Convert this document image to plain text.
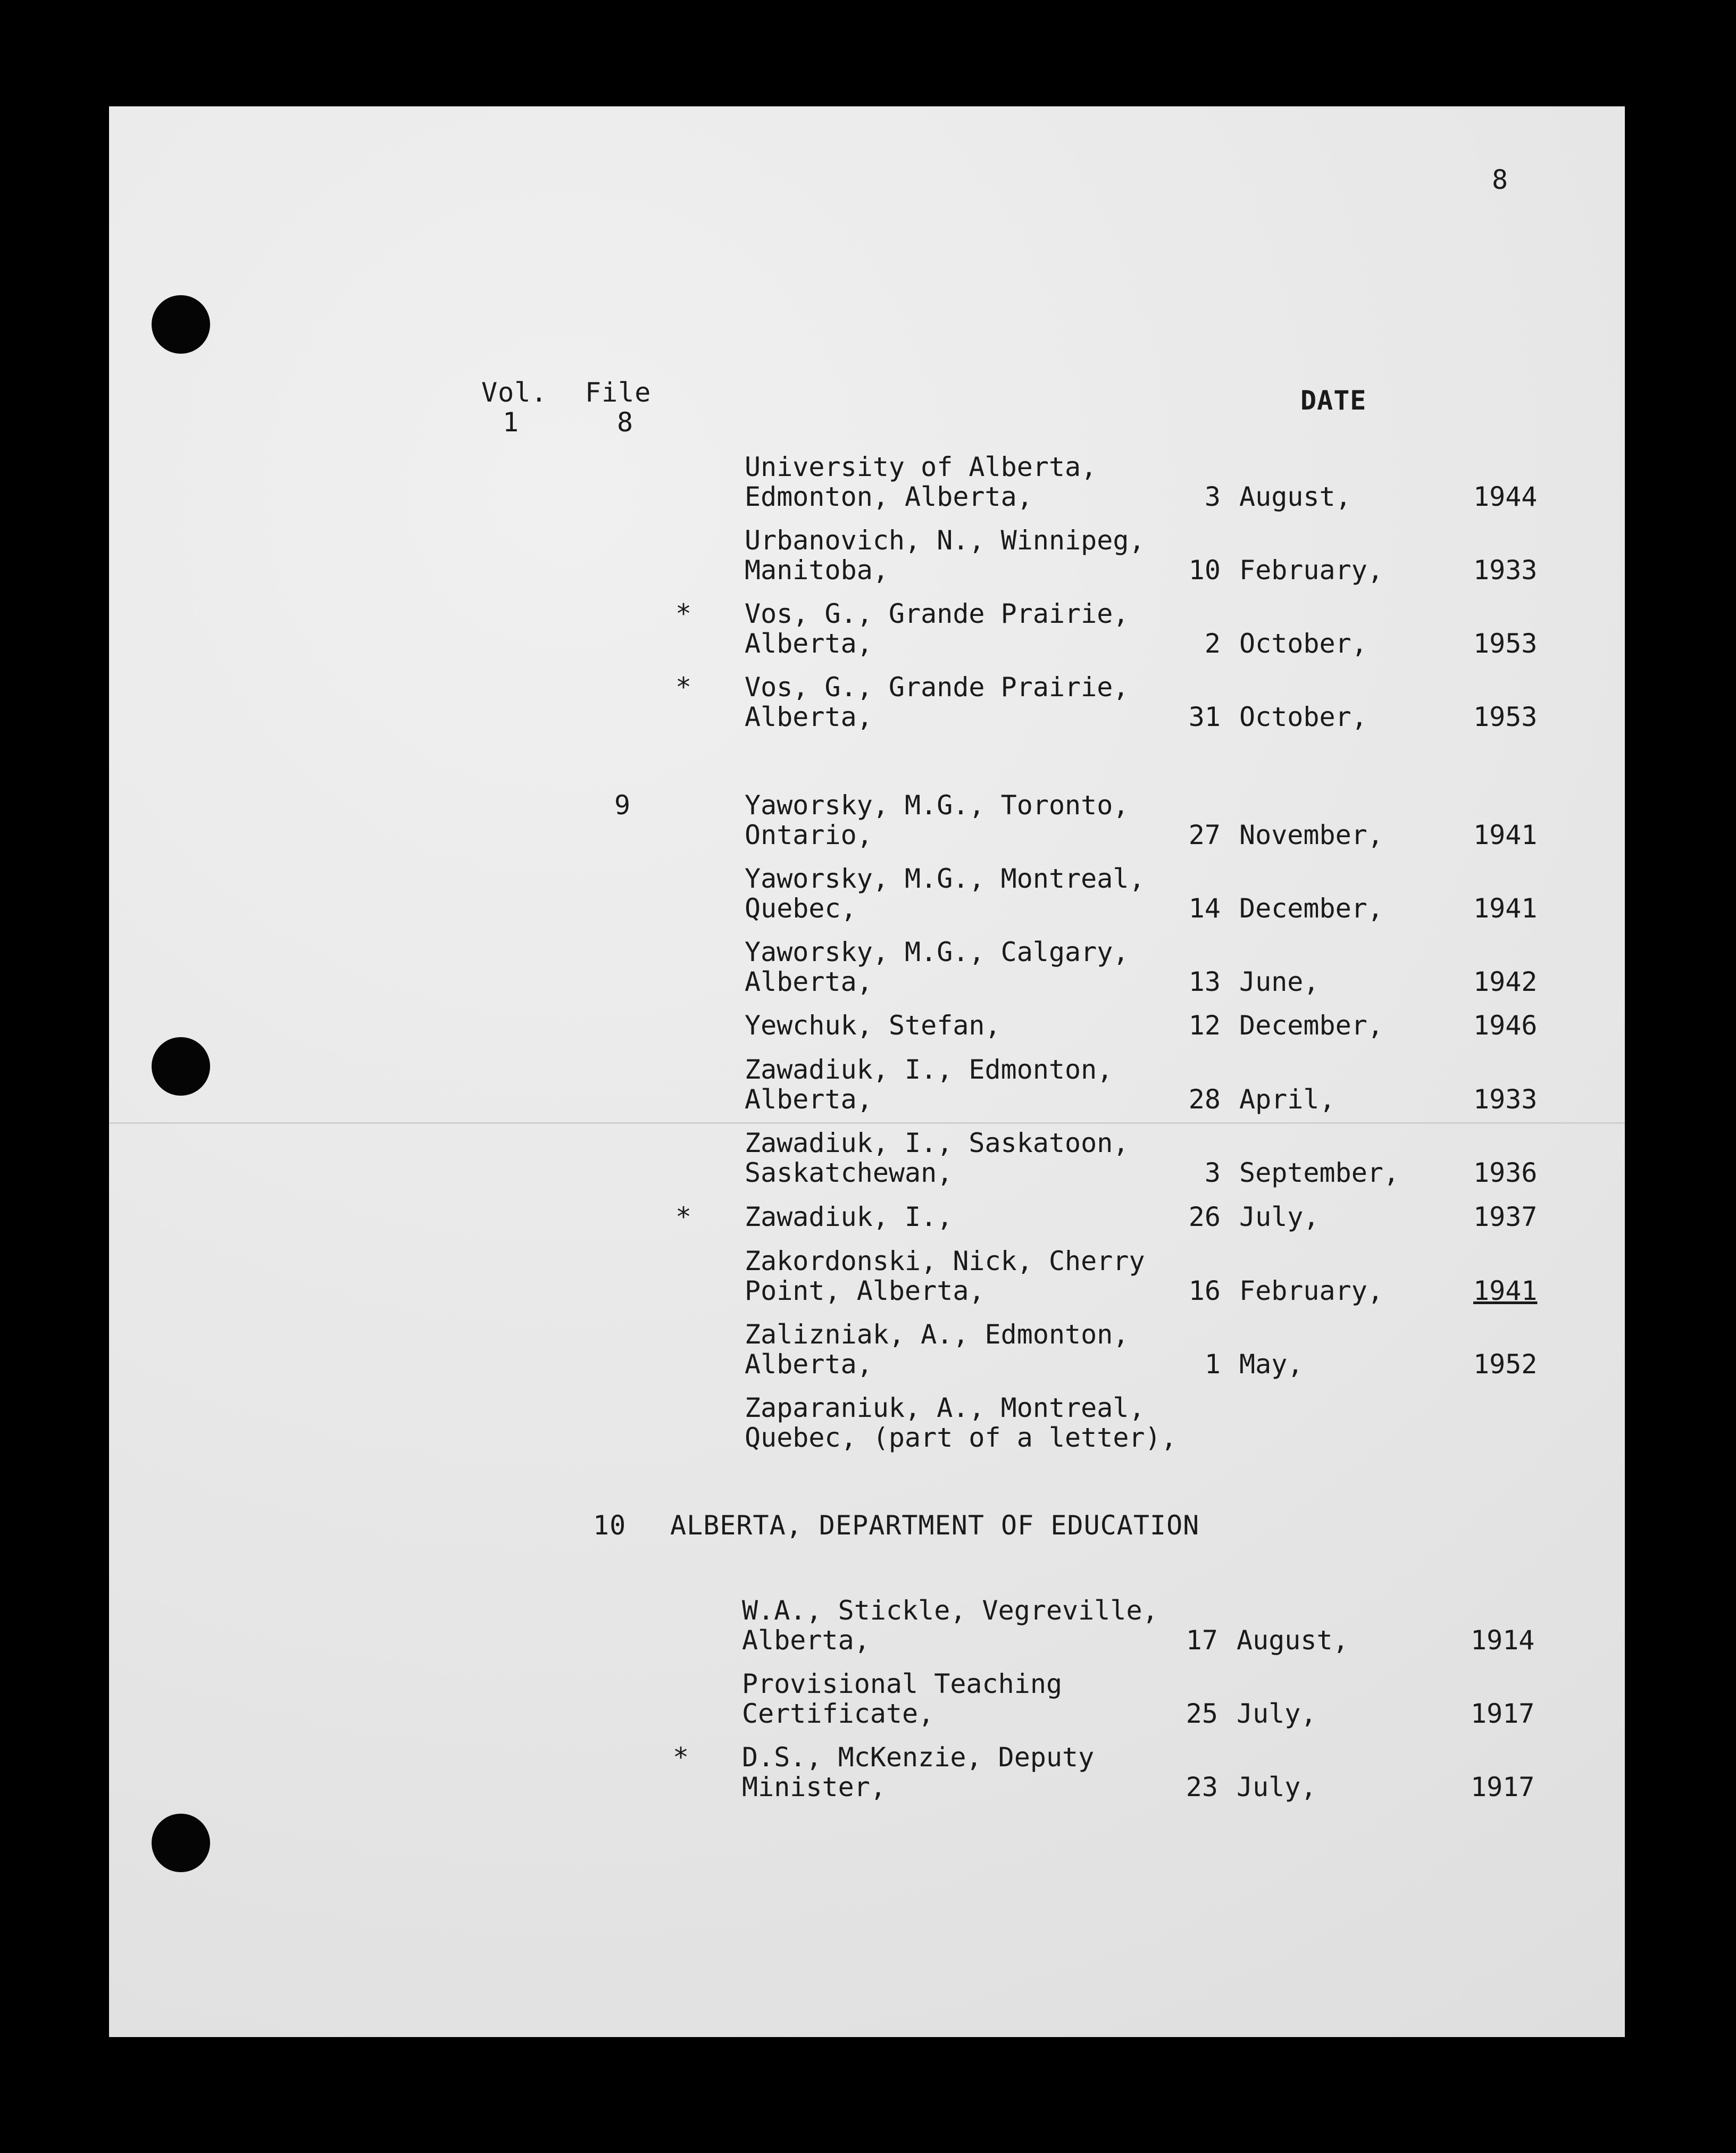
8
Vol. File	DATE
1	8
University of Alberta,
Edmonton, Alberta,	3 August,	1944
Urbanovich, N., Winnipeg,
Manitoba,	10 February,	1933
* Vos, G., Grande Prairie,
Alberta,	2 October,	1953
* Vos, G., Grande Prairie,
Alberta,	31 October,	1953
9	Yaworsky, M.G., Toronto,
Ontario,	27 November,	1941
Yaworsky, M.G., Montreal,
Quebec,	14 December,	1941
Yaworsky, M.G., Calgary,
Alberta,	13 June,	1942
Yewchuk, Stefan,	12 December,	1946
Zawadiuk, I., Edmonton,
Alberta,	28 April,	1933
Zawadiuk, I., Saskatoon,
Saskatchewan,	3 September,	1936
* Zawadiuk, I.,	26 July,	1937
Zakordonski, Nick, Cherry
Point, Alberta,	16 February,	1941
Zalizniak, A., Edmonton,
Alberta,	1 May,	1952
Zaparaniuk, A., Montreal,
Quebec, (part of a letter),
10 ALBERTA, DEPARTMENT OF EDUCATION
W.A., Stickle, Vegreville,
Alberta,	17 August,	1914
Provisional Teaching
Certificate,	25 July,	1917
* D.S., McKenzie, Deputy
Minister,	23 July,	1917
